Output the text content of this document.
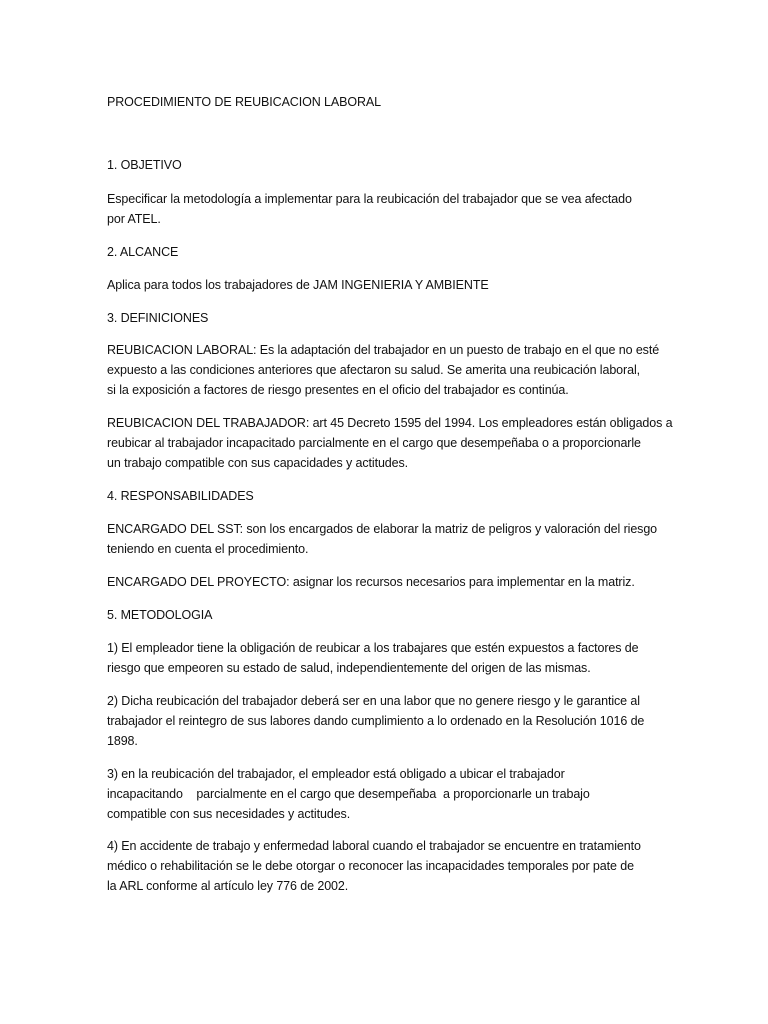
PROCEDIMIENTO DE REUBICACION LABORAL
1. OBJETIVO
Especificar la metodología a implementar para la reubicación del trabajador que se vea afectado
por ATEL.
2. ALCANCE
Aplica para todos los trabajadores de JAM INGENIERIA Y AMBIENTE
3. DEFINICIONES
REUBICACION LABORAL: Es la adaptación del trabajador en un puesto de trabajo en el que no esté
expuesto a las condiciones anteriores que afectaron su salud. Se amerita una reubicación laboral,
si la exposición a factores de riesgo presentes en el oficio del trabajador es continúa.
REUBICACION DEL TRABAJADOR: art 45 Decreto 1595 del 1994. Los empleadores están obligados a
reubicar al trabajador incapacitado parcialmente en el cargo que desempeñaba o a proporcionarle
un trabajo compatible con sus capacidades y actitudes.
4. RESPONSABILIDADES
ENCARGADO DEL SST: son los encargados de elaborar la matriz de peligros y valoración del riesgo
teniendo en cuenta el procedimiento.
ENCARGADO DEL PROYECTO: asignar los recursos necesarios para implementar en la matriz.
5. METODOLOGIA
1) El empleador tiene la obligación de reubicar a los trabajares que estén expuestos a factores de
riesgo que empeoren su estado de salud, independientemente del origen de las mismas.
2) Dicha reubicación del trabajador deberá ser en una labor que no genere riesgo y le garantice al
trabajador el reintegro de sus labores dando cumplimiento a lo ordenado en la Resolución 1016 de
1898.
3) en la reubicación del trabajador, el empleador está obligado a ubicar el trabajador
incapacitando    parcialmente en el cargo que desempeñaba  a proporcionarle un trabajo
compatible con sus necesidades y actitudes.
4) En accidente de trabajo y enfermedad laboral cuando el trabajador se encuentre en tratamiento
médico o rehabilitación se le debe otorgar o reconocer las incapacidades temporales por pate de
la ARL conforme al artículo ley 776 de 2002.
